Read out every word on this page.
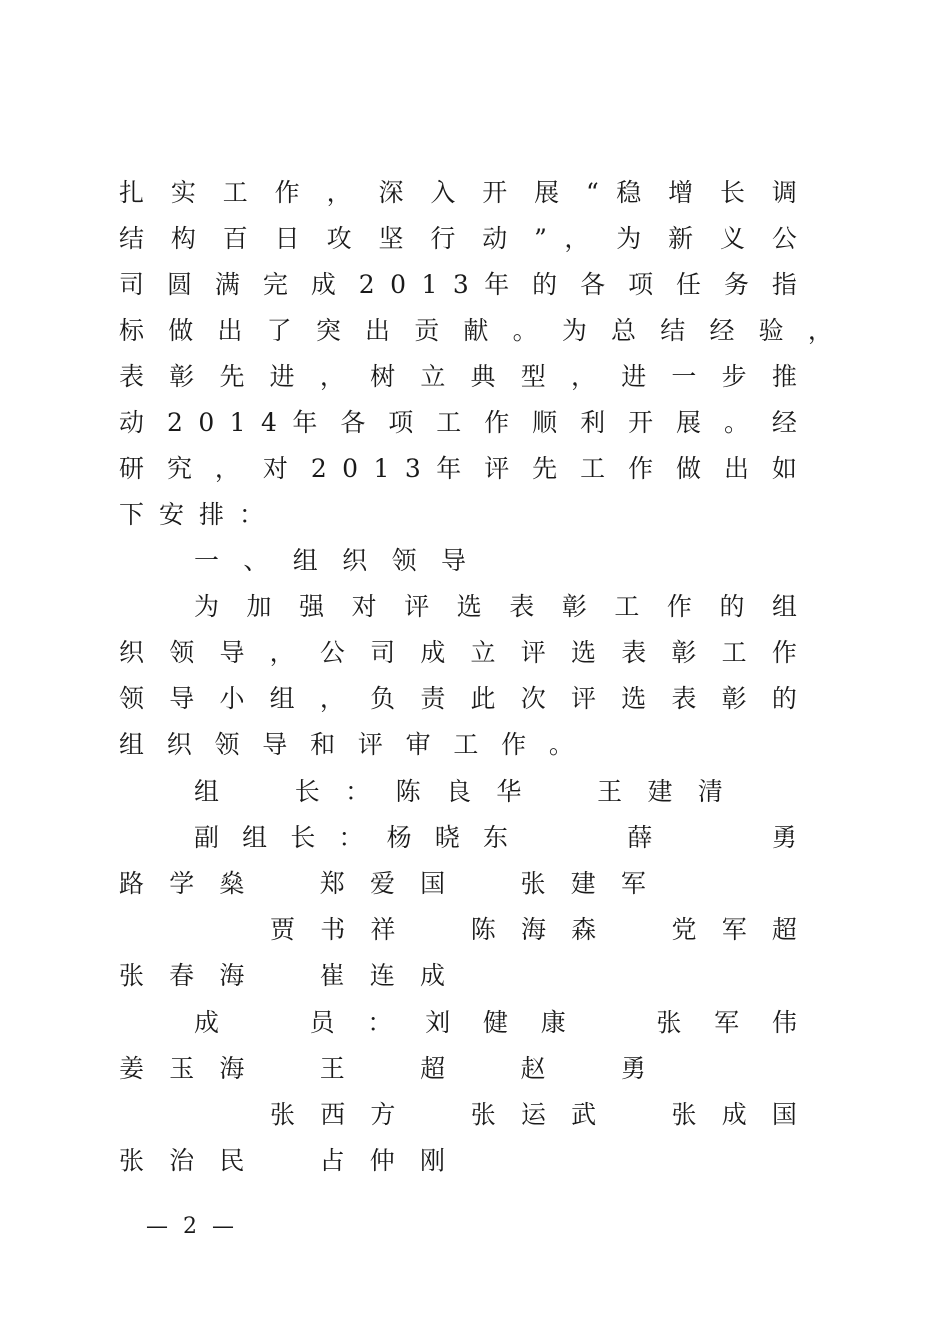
扎 实 工 作 ， 深 入 开 展 “ 稳 增 长 调
结 构 百 日 攻 坚 行 动 ” ， 为 新 义 公
司 圆 满 完 成 2 0 1 3 年 的 各 项 任 务 指
标 做 出 了 突 出 贡 献 。 为 总 结 经 验 ，
表 彰 先 进 ， 树 立 典 型 ， 进 一 步 推
动 2 0 1 4 年 各 项 工 作 顺 利 开 展 。 经
研 究 ， 对 2 0 1 3 年 评 先 工 作 做 出 如
下 安 排 ：
一 、 组 织 领 导
为 加 强 对 评 选 表 彰 工 作 的 组
织 领 导 ， 公 司 成 立 评 选 表 彰 工 作
领 导 小 组 ， 负 责 此 次 评 选 表 彰 的
组 织 领 导 和 评 审 工 作 。
组 　	长 ： 陈 良 华 　	王 建 清
副 组 长 ： 杨 晓 东 　 　	薛 　 　	勇
路 学 燊 　	郑 爱 国 　	张 建 军
贾 书 祥 　	陈 海 森 　	党 军 超
张 春 海 　	崔 连 成
成 　	员 ： 刘 健 康 　	张 军 伟
姜 玉 海 　	王 　	超 　	赵 　	勇
张 西 方 　	张 运 武 　	张 成 国
张 治 民 　	占 仲 刚
— 2 —
